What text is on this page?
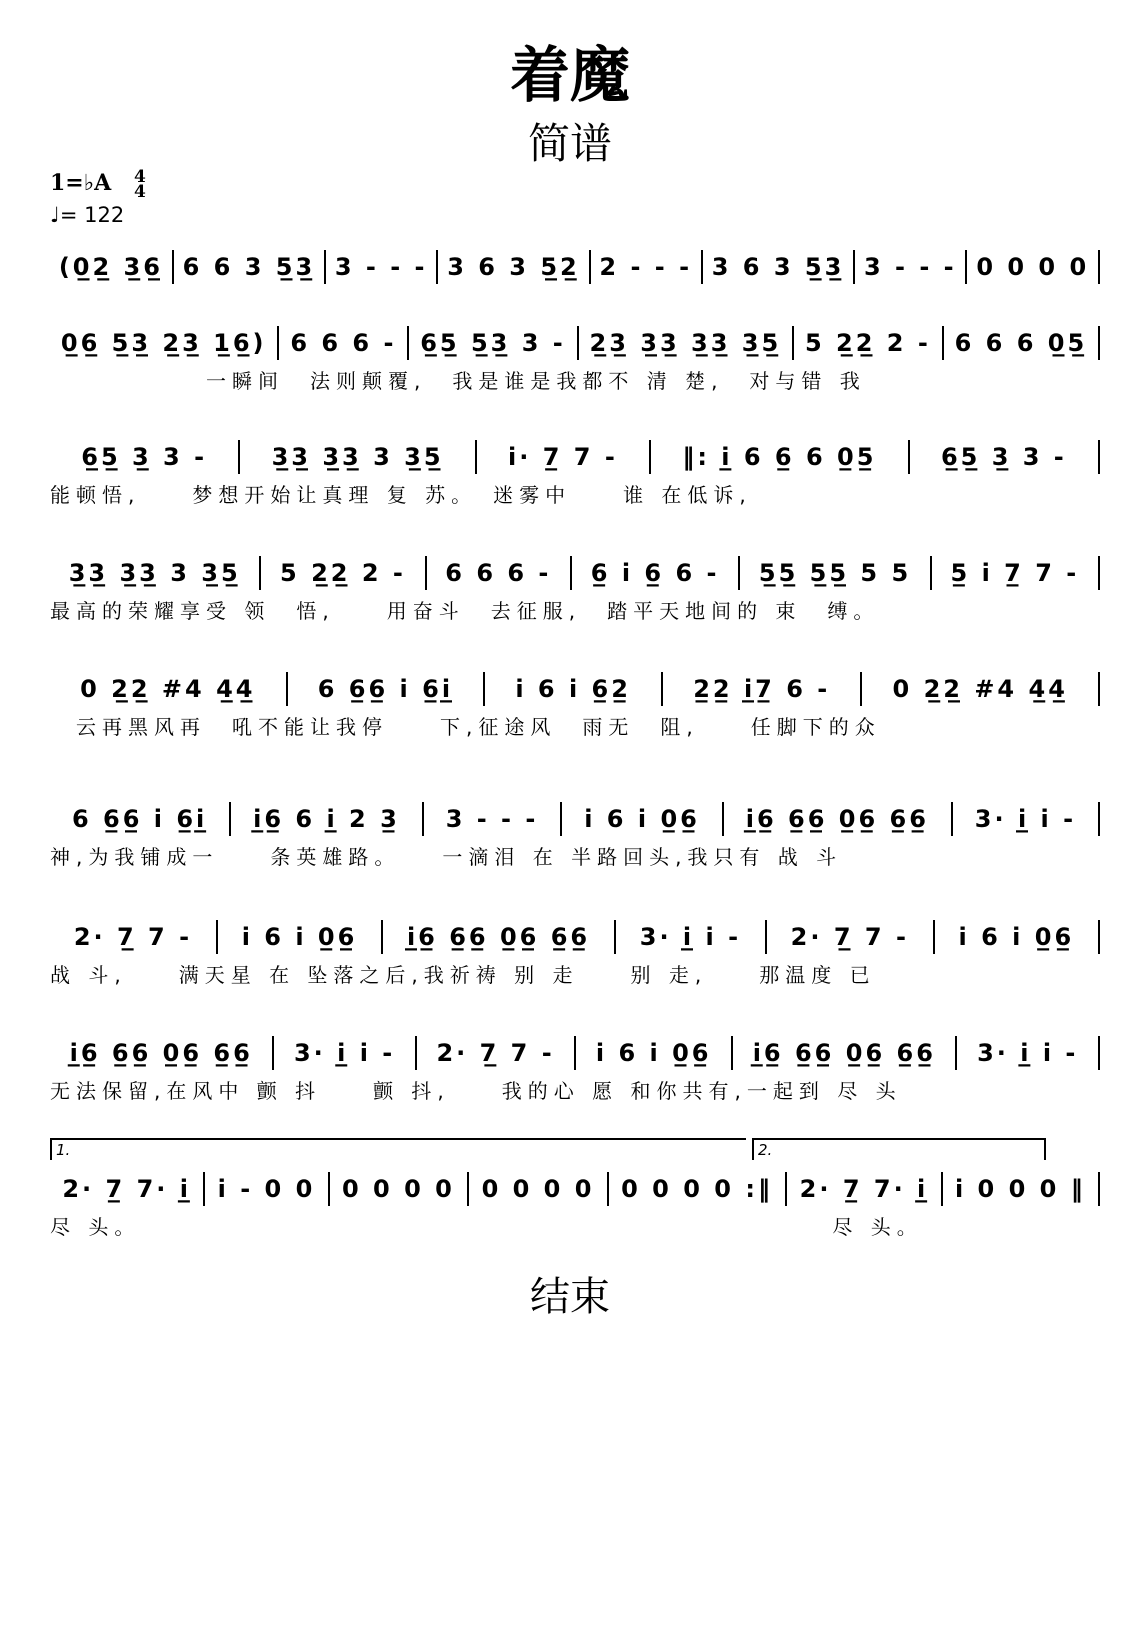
着魔
简谱
1=♭A 4
4
♩= 122
(0̲2̲ 3̲6̲ 6 6 3 5̲3̲ 3 - - - 3 6 3 5̲2̲ 2 - - - 3 6 3 5̲3̲ 3 - - - 0 0 0 0
0̲6̲ 5̲3̲ 2̲3̲ 1̲6̲) 6 6 6 - 6̲5̲ 5̲3̲ 3 - 2̲3̲ 3̲3̲ 3̲3̲ 3̲5̲ 5 2̲2̲ 2 - 6 6 6 0̲5̲
　　　　　　一瞬间　法则颠覆,　我是谁是我都不 清 楚,　对与错 我
6̲5̲ 3̲ 3 -	3̲3̲ 3̲3̲ 3 3̲5̲	i· 7̲ 7 -	‖: i̲ 6 6̲ 6 0̲5̲	6̲5̲ 3̲ 3 -
能顿悟,　　梦想开始让真理 复 苏。　迷雾中　　谁 在低诉,
3̲3̲ 3̲3̲ 3 3̲5̲	5 2̲2̲ 2 -	6 6 6 -	6̲ i 6̲ 6 -	5̲5̲ 5̲5̲ 5 5	5̲ i 7̲ 7 -
最高的荣耀享受 领　悟,　　用奋斗　去征服,　踏平天地间的 束　缚。
0 2̲2̲ #4 4̲4̲	6 6̲6̲ i 6̲i̲	i 6 i 6̲2̲	2̲2̲ i̲7̲ 6 -	0 2̲2̲ #4 4̲4̲
　云再黑风再　吼不能让我停　　下,征途风　雨无　阻,　　任脚下的众
6 6̲6̲ i 6̲i̲	i̲6̲ 6 i̲ 2 3̲	3 - - -	i 6 i 0̲6̲	i̲6̲ 6̲6̲ 0̲6̲ 6̲6̲	3· i̲ i -
神,为我铺成一　　条英雄路。　　一滴泪 在 半路回头,我只有 战 斗
2· 7̲ 7 -	i 6 i 0̲6̲	i̲6̲ 6̲6̲ 0̲6̲ 6̲6̲	3· i̲ i -	2· 7̲ 7 -	i 6 i 0̲6̲
战 斗,　　满天星 在 坠落之后,我祈祷 别 走　　别 走,　　那温度 已
i̲6̲ 6̲6̲ 0̲6̲ 6̲6̲	3· i̲ i -	2· 7̲ 7 -	i 6 i 0̲6̲	i̲6̲ 6̲6̲ 0̲6̲ 6̲6̲	3· i̲ i -
无法保留,在风中 颤 抖　　颤 抖,　　我的心 愿 和你共有,一起到 尽 头
2· 7̲ 7· i̲	i - 0 0	0 0 0 0	0 0 0 0	0 0 0 0 :‖	2· 7̲ 7· i̲	i 0 0 0 ‖
尽 头。　　　　　　　　　　　　　　　　　　　　　　　　　　　尽 头。
1.	2.
结束
